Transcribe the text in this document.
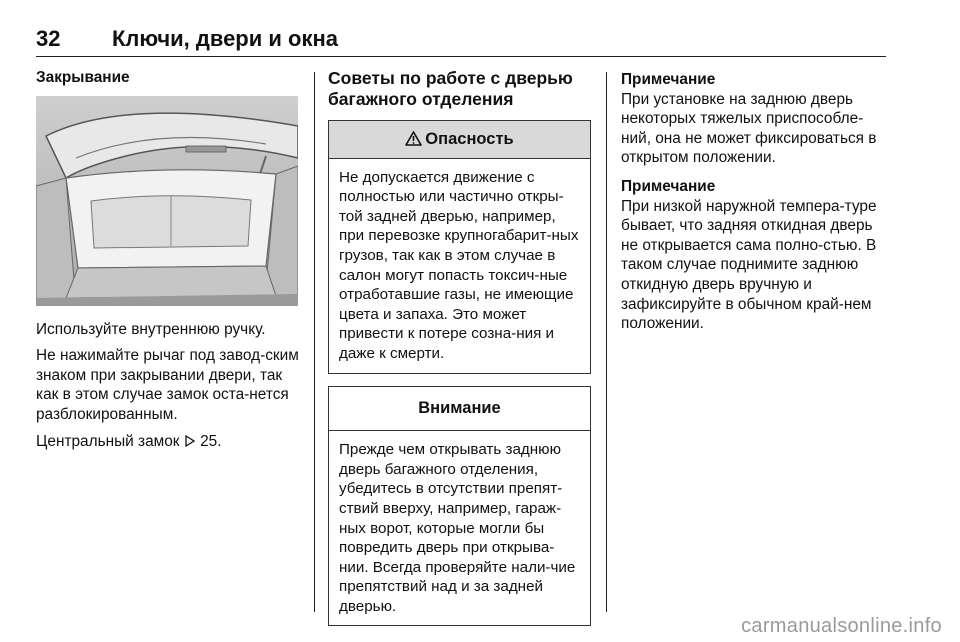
32 Ключи, двери и окна
Закрывание

Используйте внутреннюю ручку.

Не нажимайте рычаг под завод-ским знаком при закрывании двери, так как в этом случае замок оста-нется разблокированным.

Центральный замок 25.

Советы по работе с дверью багажного отделения
Опасность
Не допускается движение с полностью или частично откры-той задней дверью, например, при перевозке крупногабарит-ных грузов, так как в этом случае в салон могут попасть токсич-ные отработавшие газы, не имеющие цвета и запаха. Это может привести к потере созна-ния и даже к смерти.
Внимание
Прежде чем открывать заднюю дверь багажного отделения, убедитесь в отсутствии препят-ствий вверху, например, гараж-ных ворот, которые могли бы повредить дверь при открыва-нии. Всегда проверяйте нали-чие препятствий над и за задней дверью.
Примечание
При установке на заднюю дверь некоторых тяжелых приспособле-ний, она не может фиксироваться в открытом положении.
Примечание
При низкой наружной темпера-туре бывает, что задняя откидная дверь не открывается сама полно-стью. В таком случае поднимите заднюю откидную дверь вручную и зафиксируйте в обычном край-нем положении.
carmanualsonline.info
